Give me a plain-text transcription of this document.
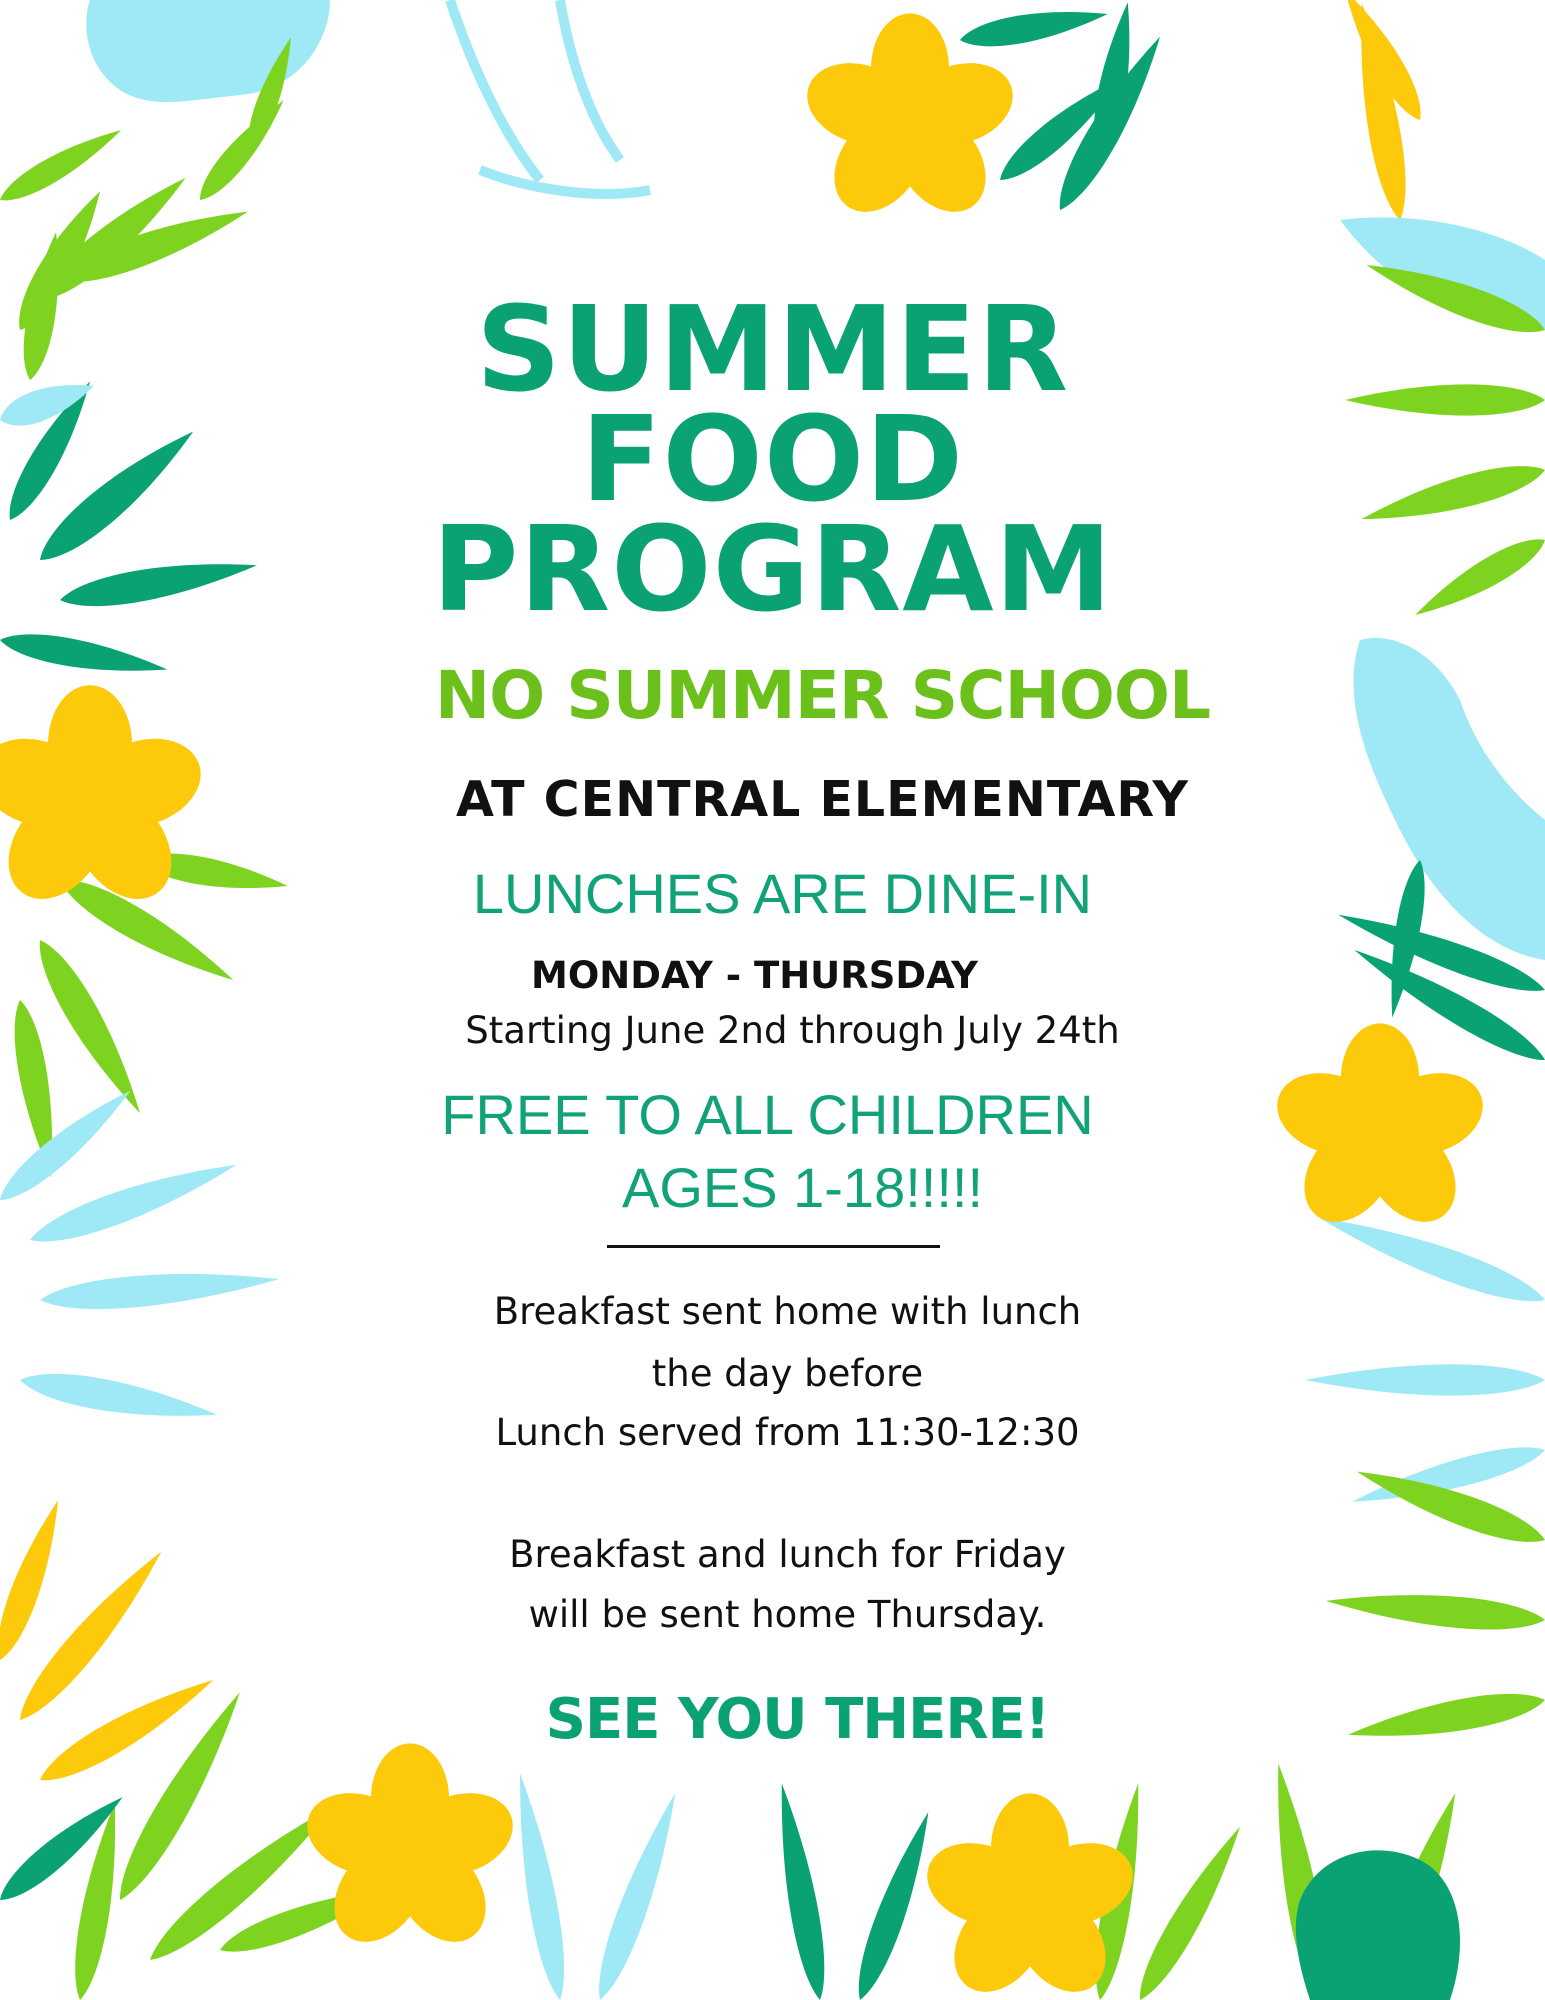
SUMMER

FOOD

PROGRAM

NO SUMMER SCHOOL

AT CENTRAL ELEMENTARY

LUNCHES ARE DINE-IN

MONDAY - THURSDAY

Starting June 2nd through July 24th

FREE TO ALL CHILDREN

AGES 1-18!!!!!

Breakfast sent home with lunch

the day before

Lunch served from 11:30-12:30

Breakfast and lunch for Friday

will be sent home Thursday.

SEE YOU THERE!
